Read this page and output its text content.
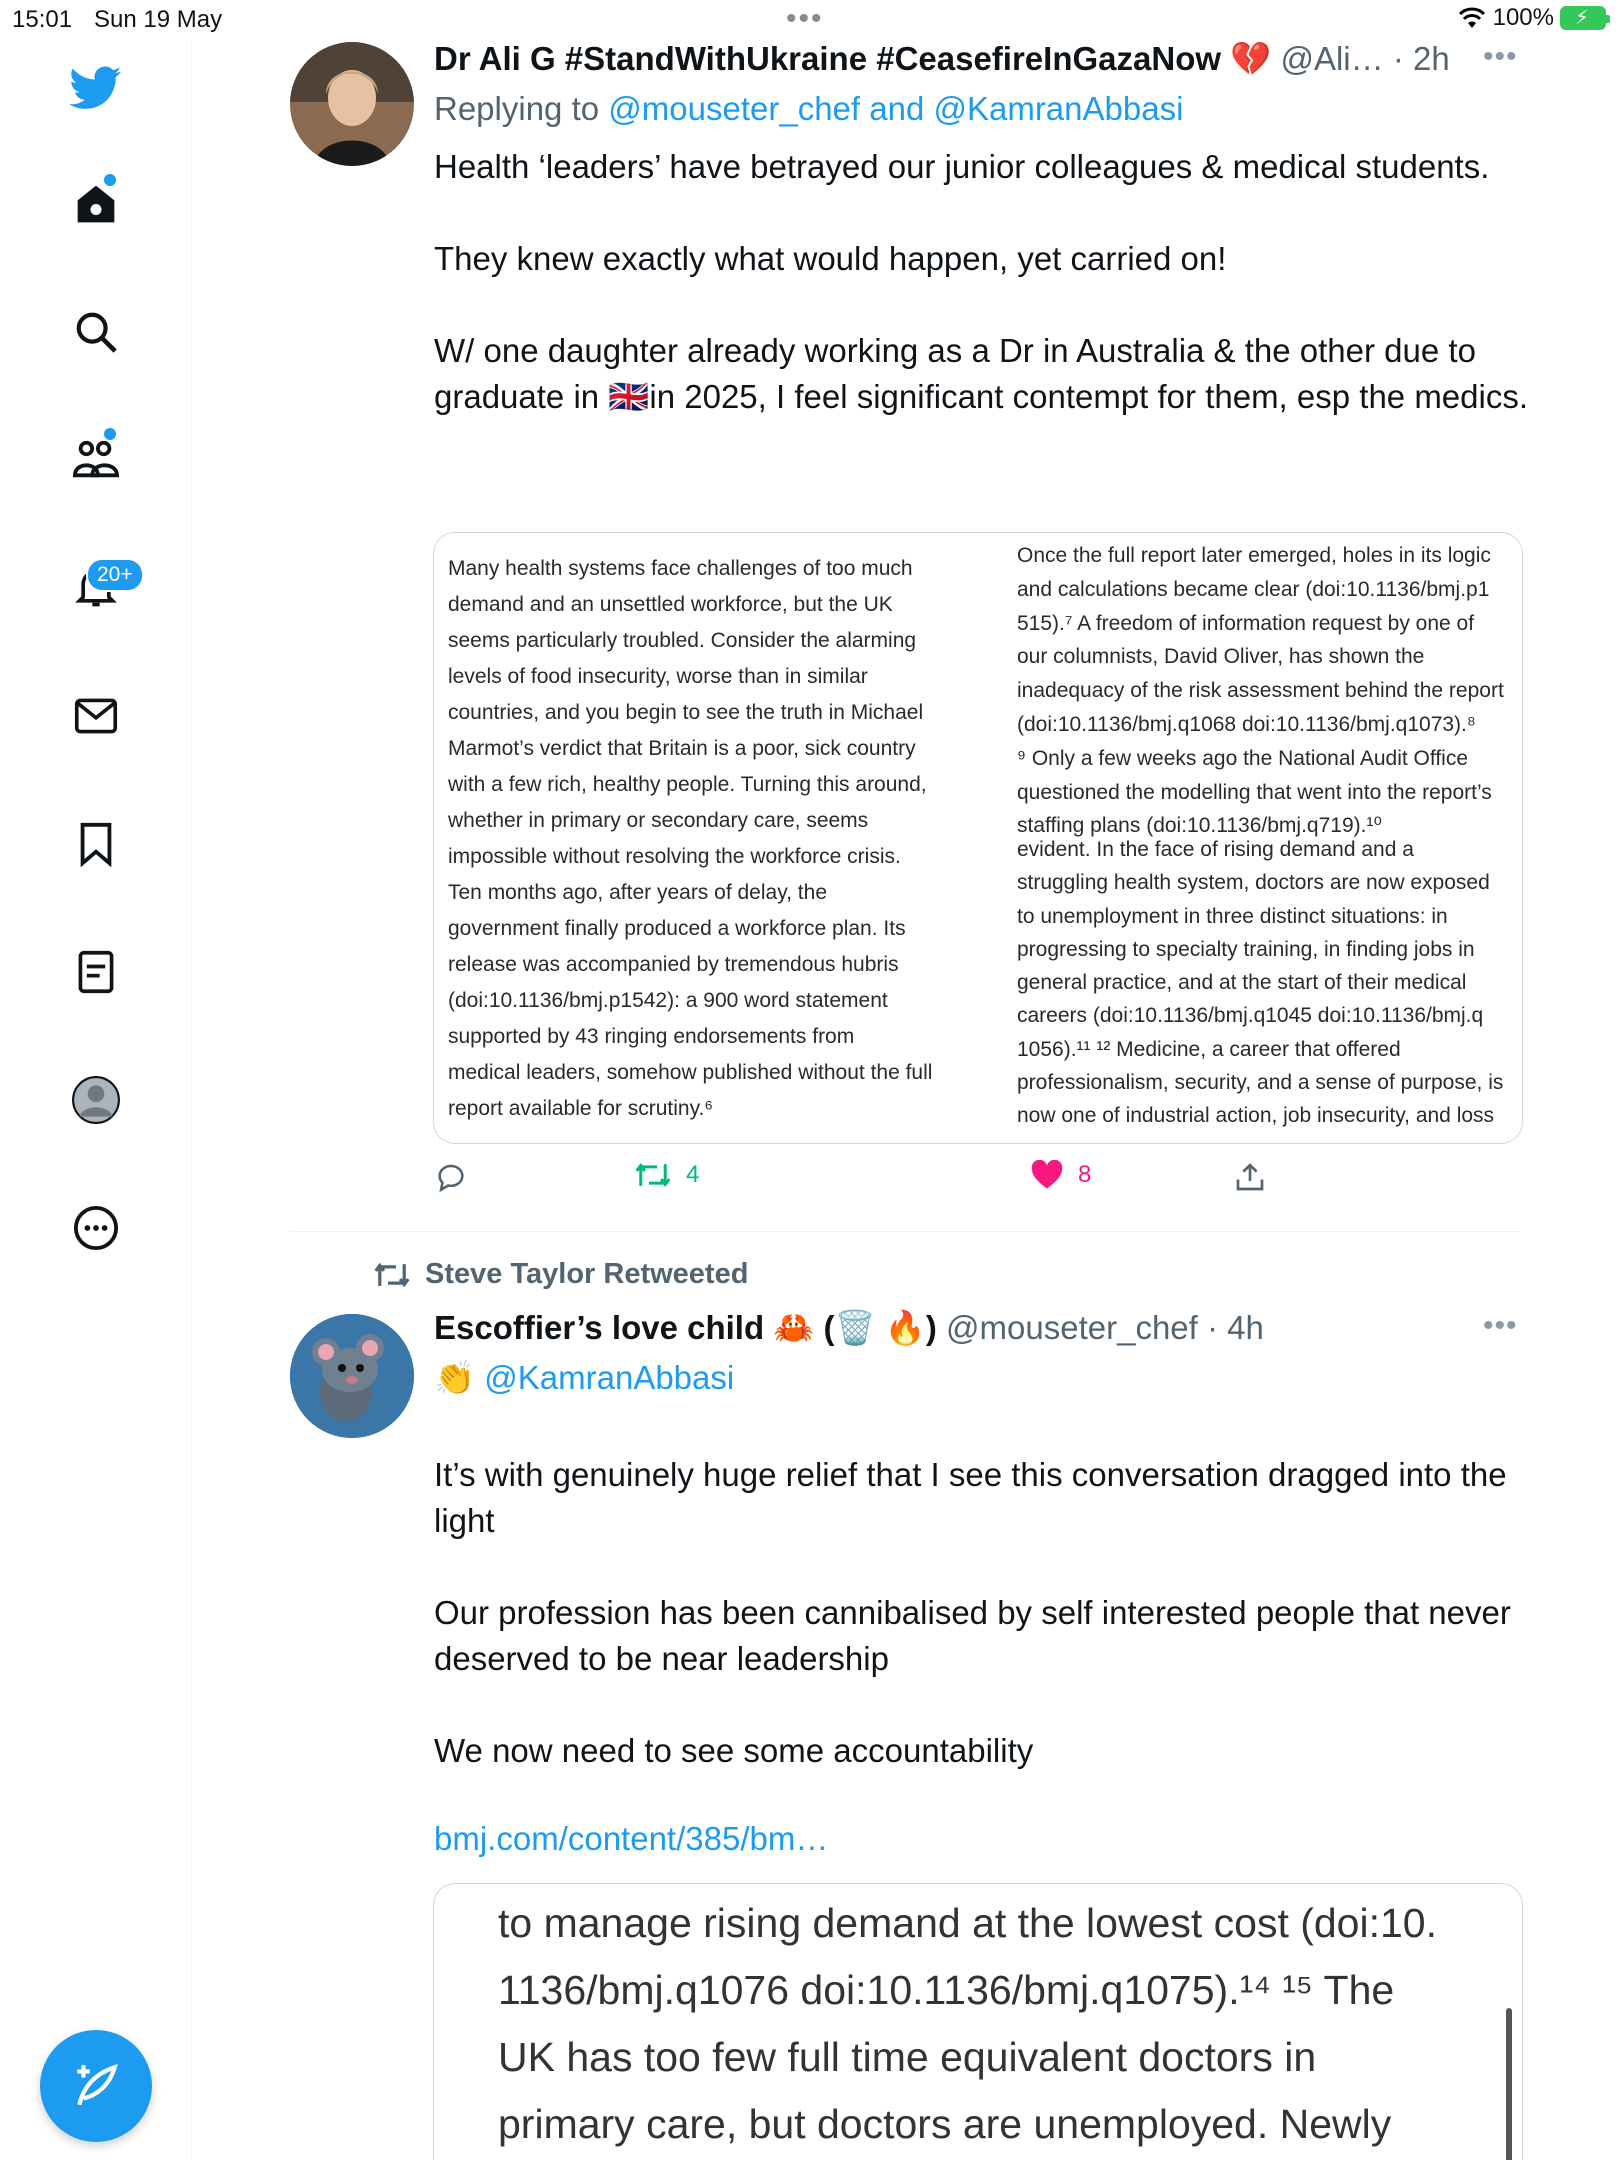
15:01 Sun 19 May	•••	100% ⚡
20+
Dr Ali G #StandWithUkraine #CeasefireInGazaNow 💔 @Ali… · 2h •••
Replying to @mouseter_chef and @KamranAbbasi

Health ‘leaders’ have betrayed our junior colleagues & medical students.

They knew exactly what would happen, yet carried on!

W/ one daughter already working as a Dr in Australia & the other due to graduate in 🇬🇧in 2025, I feel significant contempt for them, esp the medics.

Many health systems face challenges of too much
demand and an unsettled workforce, but the UK
seems particularly troubled. Consider the alarming
levels of food insecurity, worse than in similar
countries, and you begin to see the truth in Michael
Marmot’s verdict that Britain is a poor, sick country
with a few rich, healthy people. Turning this around,
whether in primary or secondary care, seems
impossible without resolving the workforce crisis.
Ten months ago, after years of delay, the
government finally produced a workforce plan. Its
release was accompanied by tremendous hubris
(doi:10.1136/bmj.p1542): a 900 word statement
supported by 43 ringing endorsements from
medical leaders, somehow published without the full
report available for scrutiny.⁶
Once the full report later emerged, holes in its logic
and calculations became clear (doi:10.1136/bmj.p1
515).⁷ A freedom of information request by one of
our columnists, David Oliver, has shown the
inadequacy of the risk assessment behind the report
(doi:10.1136/bmj.q1068 doi:10.1136/bmj.q1073).⁸
⁹ Only a few weeks ago the National Audit Office
questioned the modelling that went into the report’s
staffing plans (doi:10.1136/bmj.q719).¹⁰
evident. In the face of rising demand and a
struggling health system, doctors are now exposed
to unemployment in three distinct situations: in
progressing to specialty training, in finding jobs in
general practice, and at the start of their medical
careers (doi:10.1136/bmj.q1045 doi:10.1136/bmj.q
1056).¹¹ ¹² Medicine, a career that offered
professionalism, security, and a sense of purpose, is
now one of industrial action, job insecurity, and loss
4	8
Steve Taylor Retweeted
Escoffier’s love child 🦀 (🗑️ 🔥) @mouseter_chef · 4h	•••
👏 @KamranAbbasi

It’s with genuinely huge relief that I see this conversation dragged into the light

Our profession has been cannibalised by self interested people that never deserved to be near leadership

We now need to see some accountability

bmj.com/content/385/bm…
to manage rising demand at the lowest cost (doi:10.
1136/bmj.q1076 doi:10.1136/bmj.q1075).¹⁴ ¹⁵ The
UK has too few full time equivalent doctors in
primary care, but doctors are unemployed. Newly
